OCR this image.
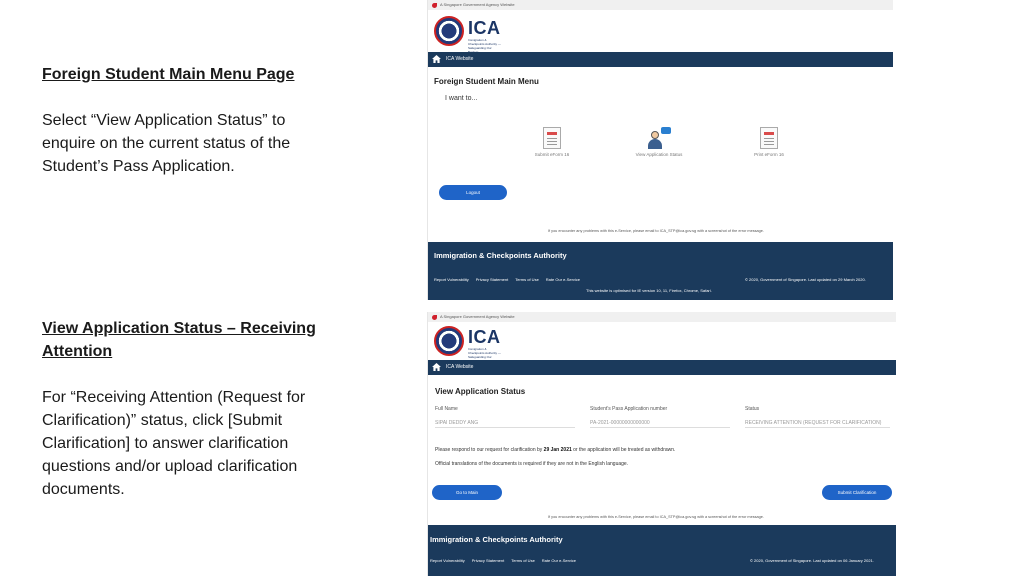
Foreign Student Main Menu Page
Select “View Application Status” to enquire on the current status of the Student’s Pass Application.
View Application Status – Receiving Attention
For “Receiving Attention (Request for Clarification)” status, click [Submit Clarification] to answer clarification questions and/or upload clarification documents.
A Singapore Government Agency Website
ICA
Immigration & Checkpoints Authority — Safeguarding Our
ICA Website
Foreign Student Main Menu
I want to...
Submit eForm 16	View Application Status	Print eForm 16
Logout
If you encounter any problems with this e-Service, please email to ICA_STP@ica.gov.sg with a screenshot of the error message.
Immigration & Checkpoints Authority
Report Vulnerability Privacy Statement Terms of Use Rate Our e-Service	© 2020, Government of Singapore. Last updated on 29 March 2020.
This website is optimised for IE version 10, 11, Firefox, Chrome, Safari.
A Singapore Government Agency Website
ICA
Immigration & Checkpoints Authority — Safeguarding Our
ICA Website
View Application Status
Full Name
SIPAI DEDDY ANG
Student’s Pass Application number
PA-2021-00000000000000
Status
RECEIVING ATTENTION (REQUEST FOR CLARIFICATION)
Please respond to our request for clarification by 29 Jan 2021 or the application will be treated as withdrawn.
Official translations of the documents is required if they are not in the English language.
Go to Main	Submit Clarification
If you encounter any problems with this e-Service, please email to ICA_STP@ica.gov.sg with a screenshot of the error message.
Immigration & Checkpoints Authority
Report Vulnerability Privacy Statement Terms of Use Rate Our e-Service	© 2020, Government of Singapore. Last updated on 06 January 2021.
